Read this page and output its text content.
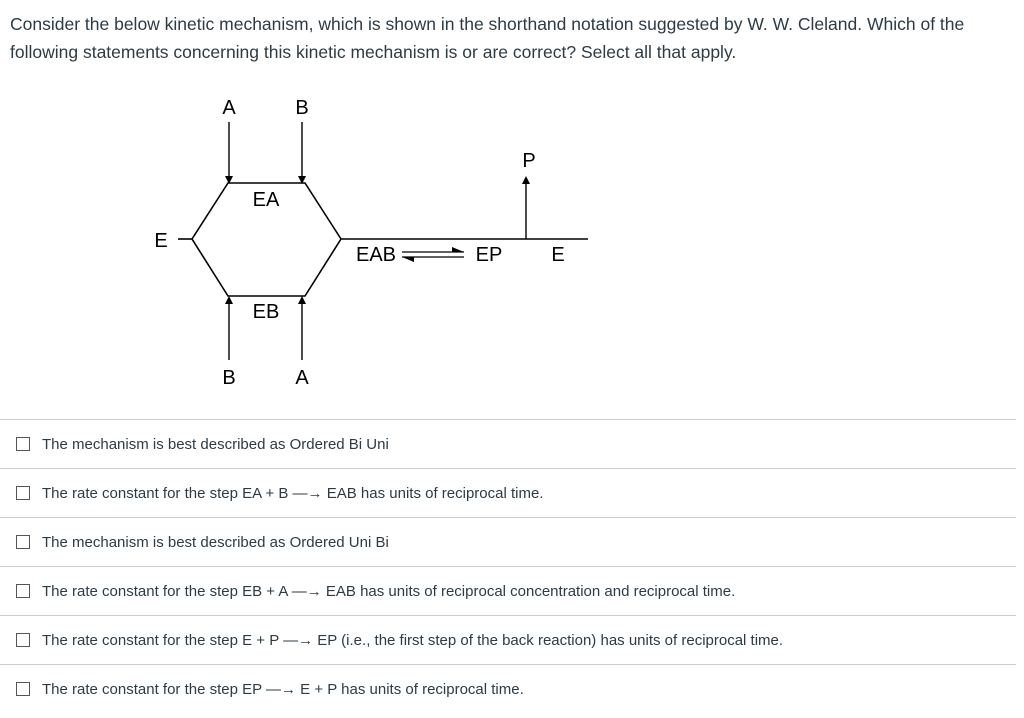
Consider the below kinetic mechanism, which is shown in the shorthand notation suggested by W. W. Cleland. Which of the following statements concerning this kinetic mechanism is or are correct? Select all that apply.
A	B
B	A
E
EA
EB
EAB	EP
P
E
The mechanism is best described as Ordered Bi Uni
The rate constant for the step EA + B —→ EAB has units of reciprocal time.
The mechanism is best described as Ordered Uni Bi
The rate constant for the step EB + A —→ EAB has units of reciprocal concentration and reciprocal time.
The rate constant for the step E + P —→ EP (i.e., the first step of the back reaction) has units of reciprocal time.
The rate constant for the step EP —→ E + P has units of reciprocal time.
